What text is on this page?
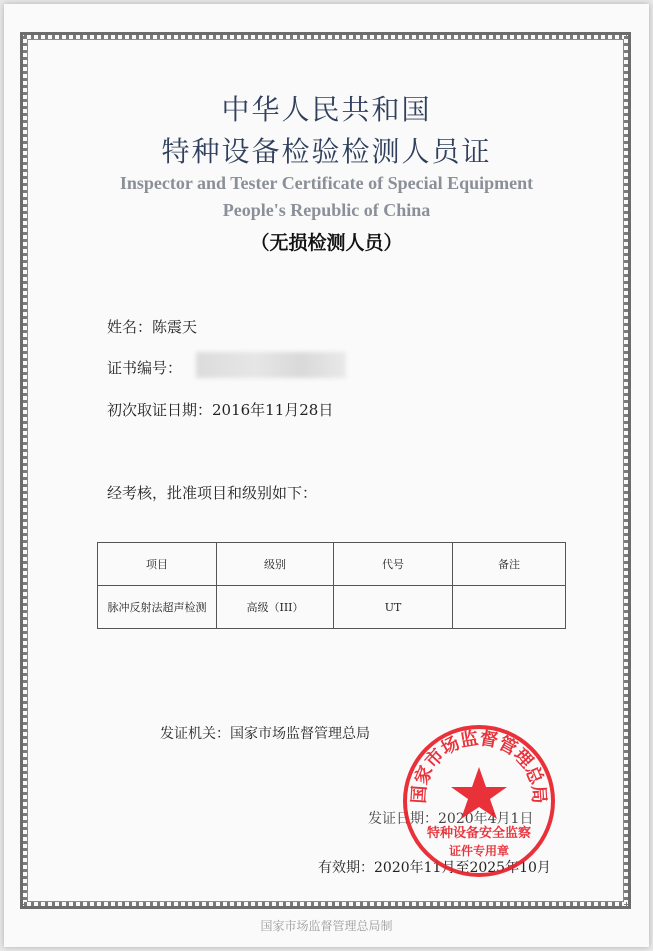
中华人民共和国
特种设备检验检测人员证
Inspector and Tester Certificate of Special Equipment
People's Republic of China
（无损检测人员）
姓名：陈震天
证书编号：
初次取证日期：2016年11月28日
经考核，批准项目和级别如下：
项目	级别	代号	备注
脉冲反射法超声检测	高级（III）	UT	
发证机关：国家市场监督管理总局
发证日期：2020年4月1日
有效期：2020年11月至2025年10月
国家市场监督管理总局
特种设备安全监察
证件专用章
国家市场监督管理总局制
